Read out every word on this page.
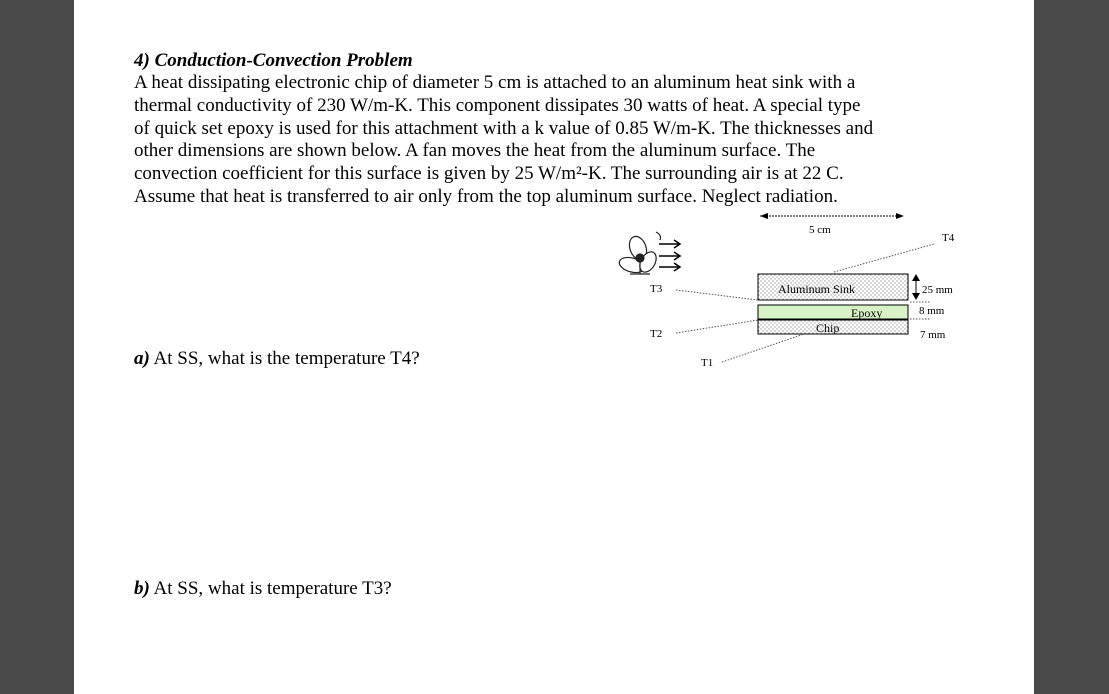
4) Conduction-Convection Problem

A heat dissipating electronic chip of diameter 5 cm is attached to an aluminum heat sink with a

thermal conductivity of 230 W/m-K. This component dissipates 30 watts of heat. A special type

of quick set epoxy is used for this attachment with a k value of 0.85 W/m-K. The thicknesses and

other dimensions are shown below. A fan moves the heat from the aluminum surface. The

convection coefficient for this surface is given by 25 W/m²-K. The surrounding air is at 22 C.

Assume that heat is transferred to air only from the top aluminum surface. Neglect radiation.

5 cm
T4
Aluminum Sink
Epoxy
Chip
25 mm
8 mm
7 mm
T3
T2
T1
a) At SS, what is the temperature T4?
b) At SS, what is temperature T3?
